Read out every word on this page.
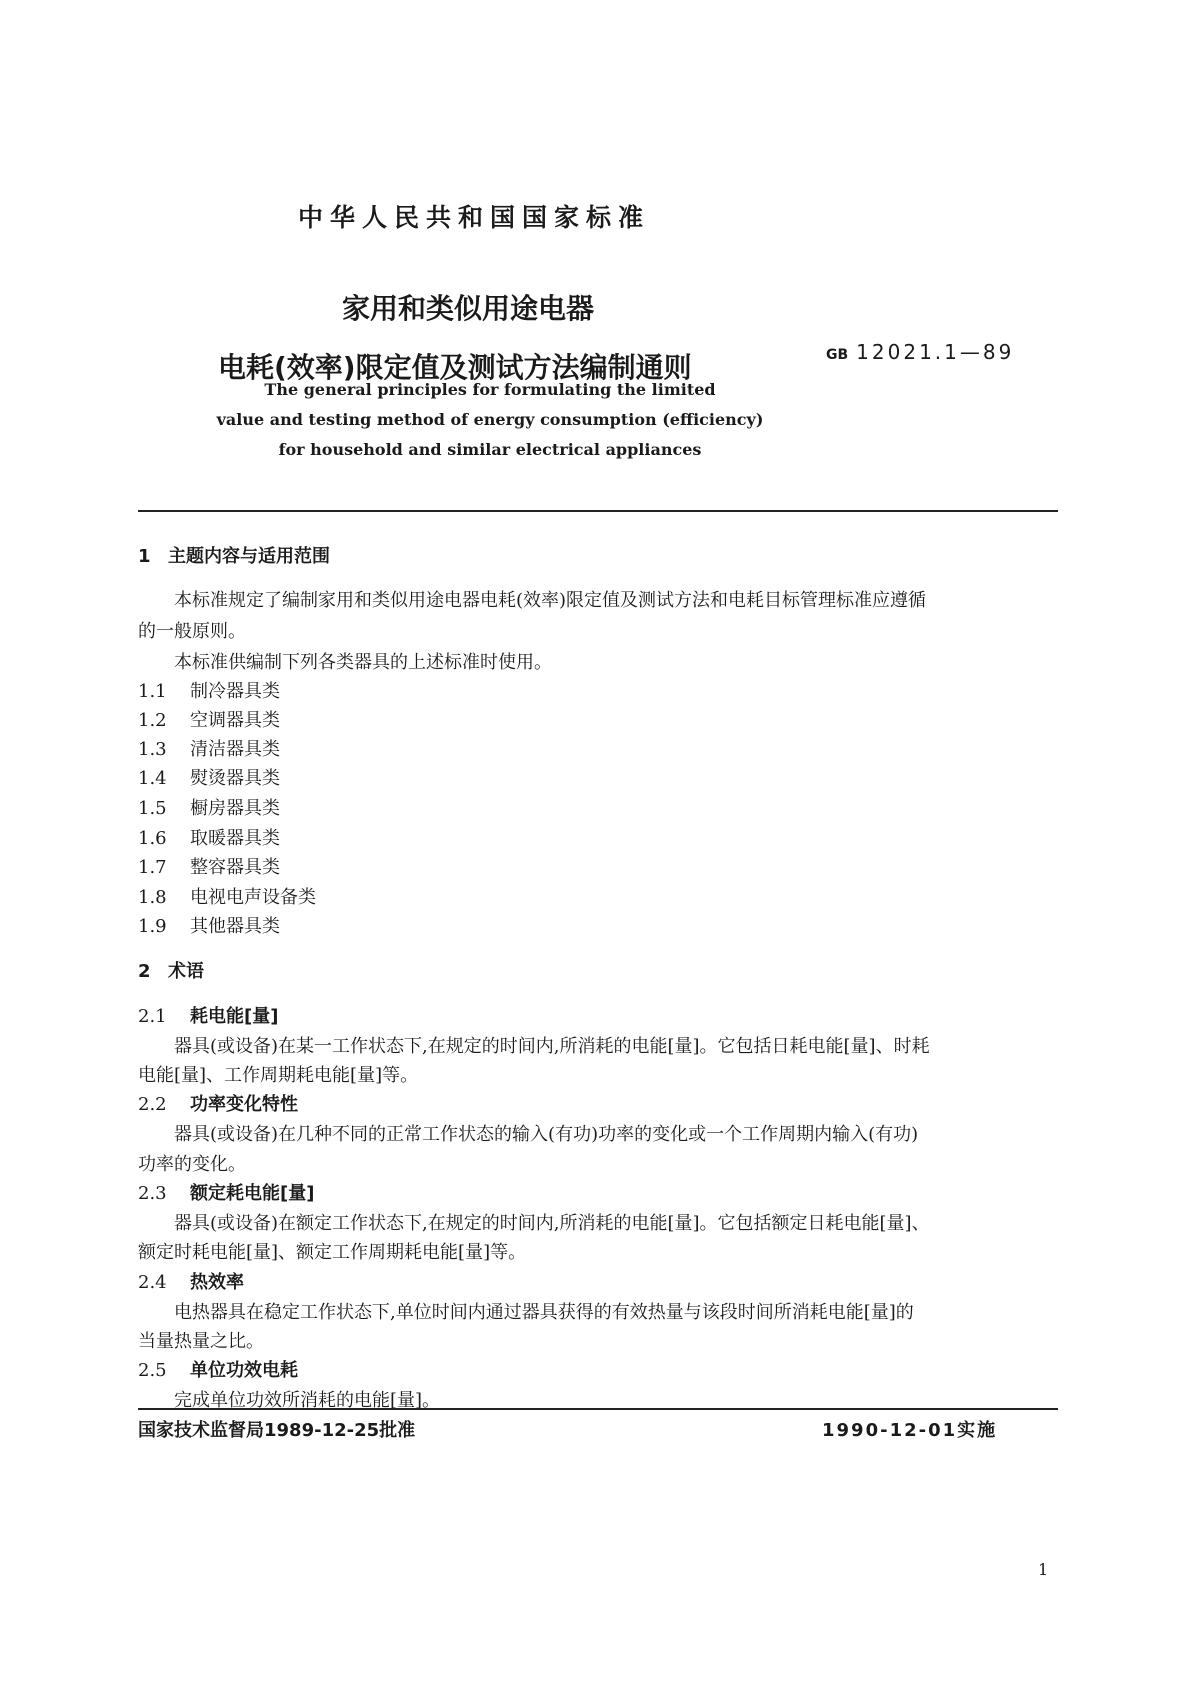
中华人民共和国国家标准
家用和类似用途电器
电耗(效率)限定值及测试方法编制通则	GB 12021.1—89
The general principles for formulating the limited
value and testing method of energy consumption (efficiency)
for household and similar electrical appliances
1 主题内容与适用范围
本标准规定了编制家用和类似用途电器电耗(效率)限定值及测试方法和电耗目标管理标准应遵循
的一般原则。
本标准供编制下列各类器具的上述标准时使用。
1.1 制冷器具类
1.2 空调器具类
1.3 清洁器具类
1.4 熨烫器具类
1.5 橱房器具类
1.6 取暖器具类
1.7 整容器具类
1.8 电视电声设备类
1.9 其他器具类
2 术语
2.1 耗电能[量]
器具(或设备)在某一工作状态下,在规定的时间内,所消耗的电能[量]。它包括日耗电能[量]、时耗
电能[量]、工作周期耗电能[量]等。
2.2 功率变化特性
器具(或设备)在几种不同的正常工作状态的输入(有功)功率的变化或一个工作周期内输入(有功)
功率的变化。
2.3 额定耗电能[量]
器具(或设备)在额定工作状态下,在规定的时间内,所消耗的电能[量]。它包括额定日耗电能[量]、
额定时耗电能[量]、额定工作周期耗电能[量]等。
2.4 热效率
电热器具在稳定工作状态下,单位时间内通过器具获得的有效热量与该段时间所消耗电能[量]的
当量热量之比。
2.5 单位功效电耗
完成单位功效所消耗的电能[量]。
国家技术监督局1989-12-25批准	1990-12-01实施
1
